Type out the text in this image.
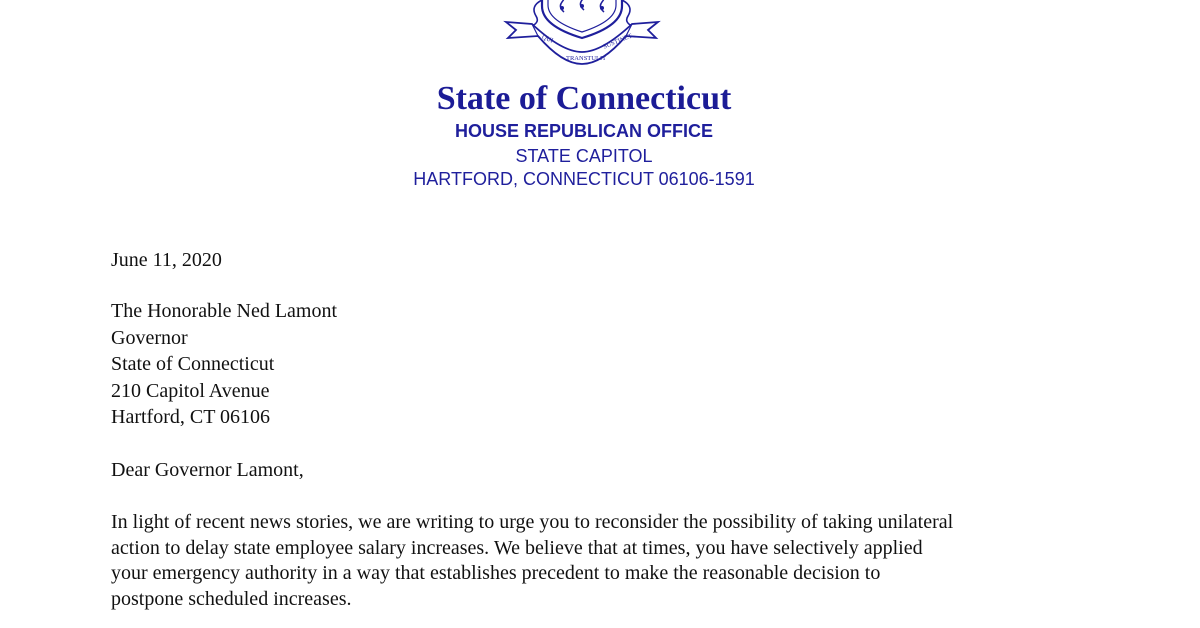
QUI
TRANSTULIT
SUSTINET
State of Connecticut
HOUSE REPUBLICAN OFFICE
STATE CAPITOL
HARTFORD, CONNECTICUT 06106-1591
June 11, 2020
The Honorable Ned Lamont
Governor
State of Connecticut
210 Capitol Avenue
Hartford, CT 06106
Dear Governor Lamont,
In light of recent news stories, we are writing to urge you to reconsider the possibility of taking unilateral
action to delay state employee salary increases. We believe that at times, you have selectively applied
your emergency authority in a way that establishes precedent to make the reasonable decision to
postpone scheduled increases.
